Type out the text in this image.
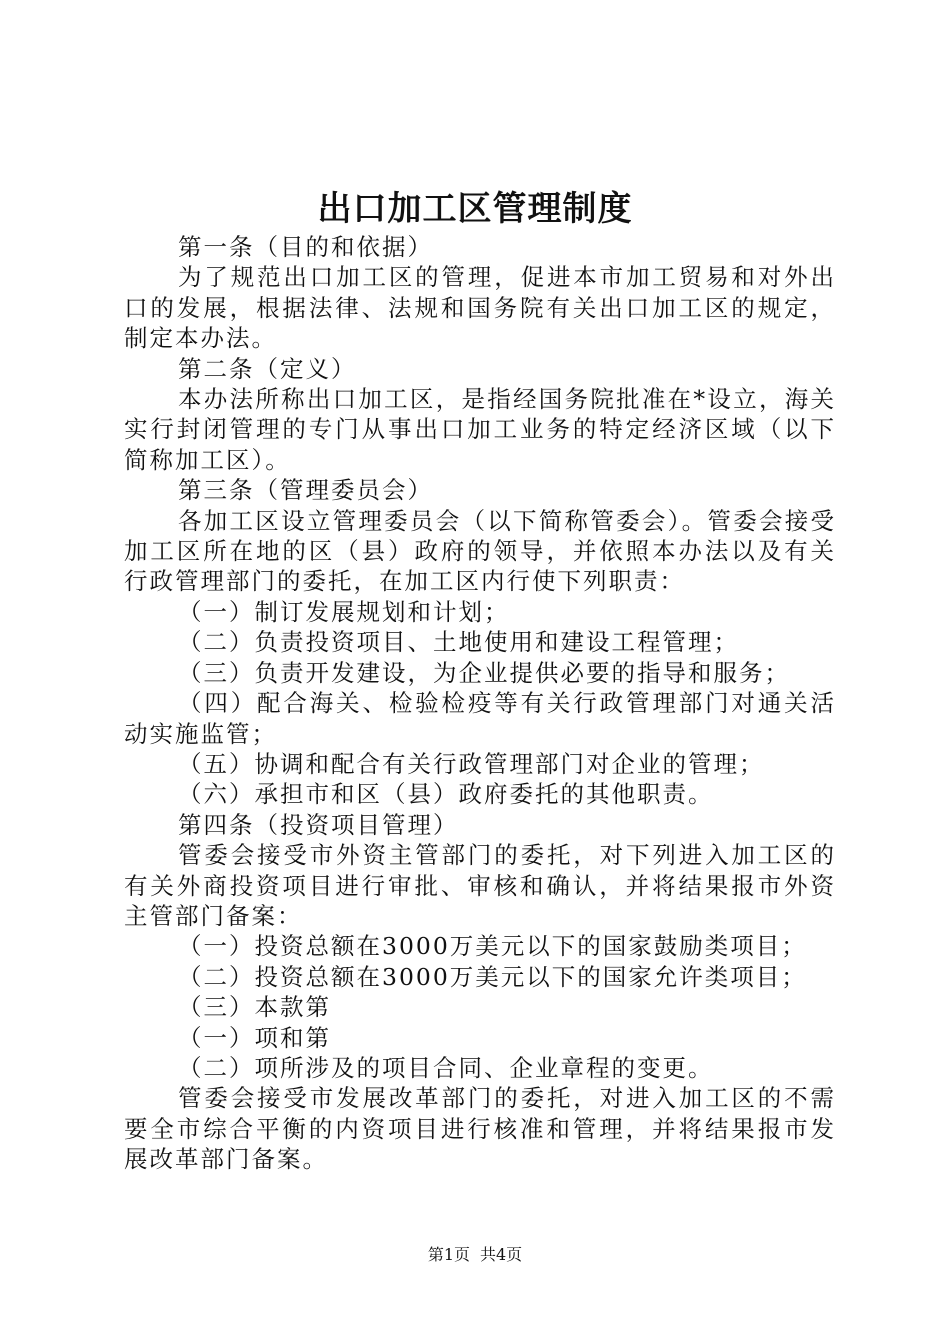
出口加工区管理制度

第一条（目的和依据）

为了规范出口加工区的管理，促进本市加工贸易和对外出口的发展，根据法律、法规和国务院有关出口加工区的规定，制定本办法。

第二条（定义）

本办法所称出口加工区，是指经国务院批准在*设立，海关实行封闭管理的专门从事出口加工业务的特定经济区域（以下简称加工区）。

第三条（管理委员会）

各加工区设立管理委员会（以下简称管委会）。管委会接受加工区所在地的区（县）政府的领导，并依照本办法以及有关行政管理部门的委托，在加工区内行使下列职责：

（一）制订发展规划和计划；

（二）负责投资项目、土地使用和建设工程管理；

（三）负责开发建设，为企业提供必要的指导和服务；

（四）配合海关、检验检疫等有关行政管理部门对通关活动实施监管；

（五）协调和配合有关行政管理部门对企业的管理；

（六）承担市和区（县）政府委托的其他职责。

第四条（投资项目管理）

管委会接受市外资主管部门的委托，对下列进入加工区的有关外商投资项目进行审批、审核和确认，并将结果报市外资主管部门备案：

（一）投资总额在3000万美元以下的国家鼓励类项目；

（二）投资总额在3000万美元以下的国家允许类项目；

（三）本款第

（一）项和第

（二）项所涉及的项目合同、企业章程的变更。

管委会接受市发展改革部门的委托，对进入加工区的不需要全市综合平衡的内资项目进行核准和管理，并将结果报市发展改革部门备案。

第1页 共4页
